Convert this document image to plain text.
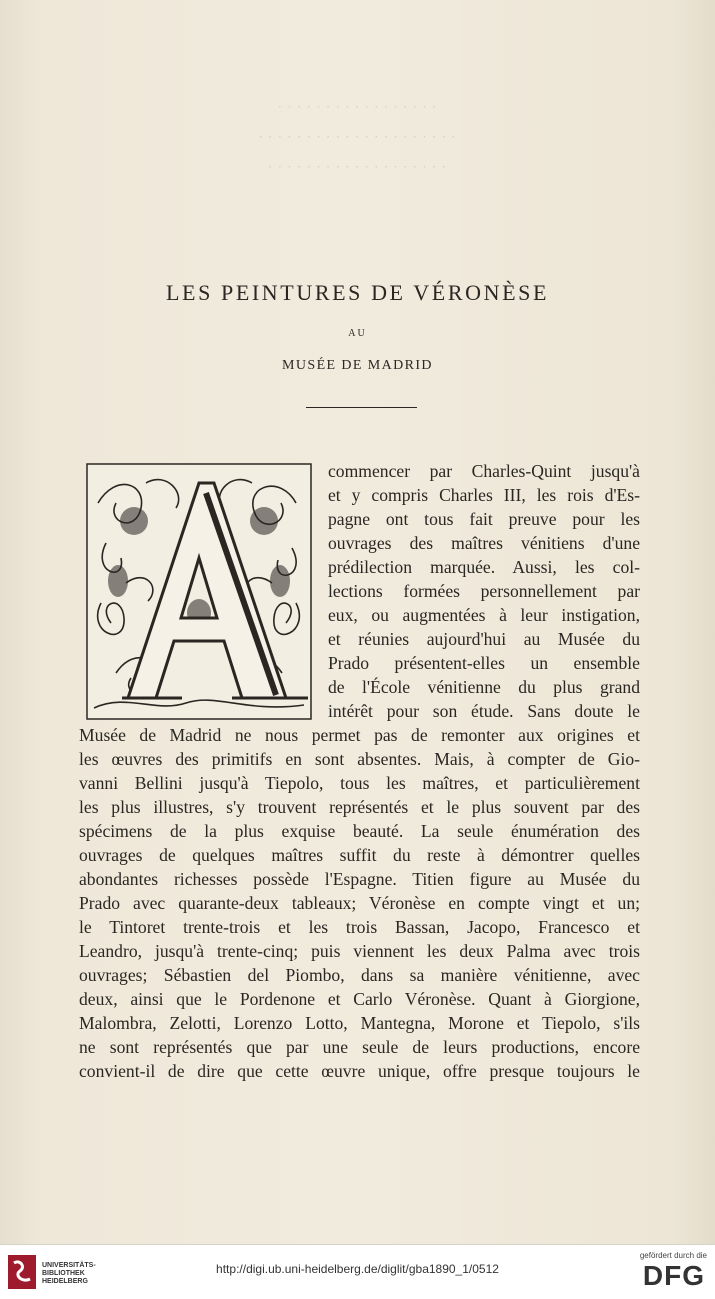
· · · · · · · · · · · · · · · · ·
· · · · · · · · · · · · · · · · · · · · ·
· · · · · · · · · · · · · · · · · · ·
LES PEINTURES DE VÉRONÈSE
AU
MUSÉE DE MADRID
commencer par Charles-Quint jusqu'à
et y compris Charles III, les rois d'Es-
pagne ont tous fait preuve pour les
ouvrages des maîtres vénitiens d'une
prédilection marquée. Aussi, les col-
lections formées personnellement par
eux, ou augmentées à leur instigation,
et réunies aujourd'hui au Musée du
Prado présentent-elles un ensemble
de l'École vénitienne du plus grand
intérêt pour son étude. Sans doute le
Musée de Madrid ne nous permet pas de remonter aux origines et
les œuvres des primitifs en sont absentes. Mais, à compter de Gio-
vanni Bellini jusqu'à Tiepolo, tous les maîtres, et particulièrement
les plus illustres, s'y trouvent représentés et le plus souvent par des
spécimens de la plus exquise beauté. La seule énumération des
ouvrages de quelques maîtres suffit du reste à démontrer quelles
abondantes richesses possède l'Espagne. Titien figure au Musée du
Prado avec quarante-deux tableaux; Véronèse en compte vingt et un;
le Tintoret trente-trois et les trois Bassan, Jacopo, Francesco et
Leandro, jusqu'à trente-cinq; puis viennent les deux Palma avec trois
ouvrages; Sébastien del Piombo, dans sa manière vénitienne, avec
deux, ainsi que le Pordenone et Carlo Véronèse. Quant à Giorgione,
Malombra, Zelotti, Lorenzo Lotto, Mantegna, Morone et Tiepolo, s'ils
ne sont représentés que par une seule de leurs productions, encore
convient-il de dire que cette œuvre unique, offre presque toujours le
UNIVERSITÄTS-
BIBLIOTHEK
HEIDELBERG
http://digi.ub.uni-heidelberg.de/diglit/gba1890_1/0512
gefördert durch die
DFG
